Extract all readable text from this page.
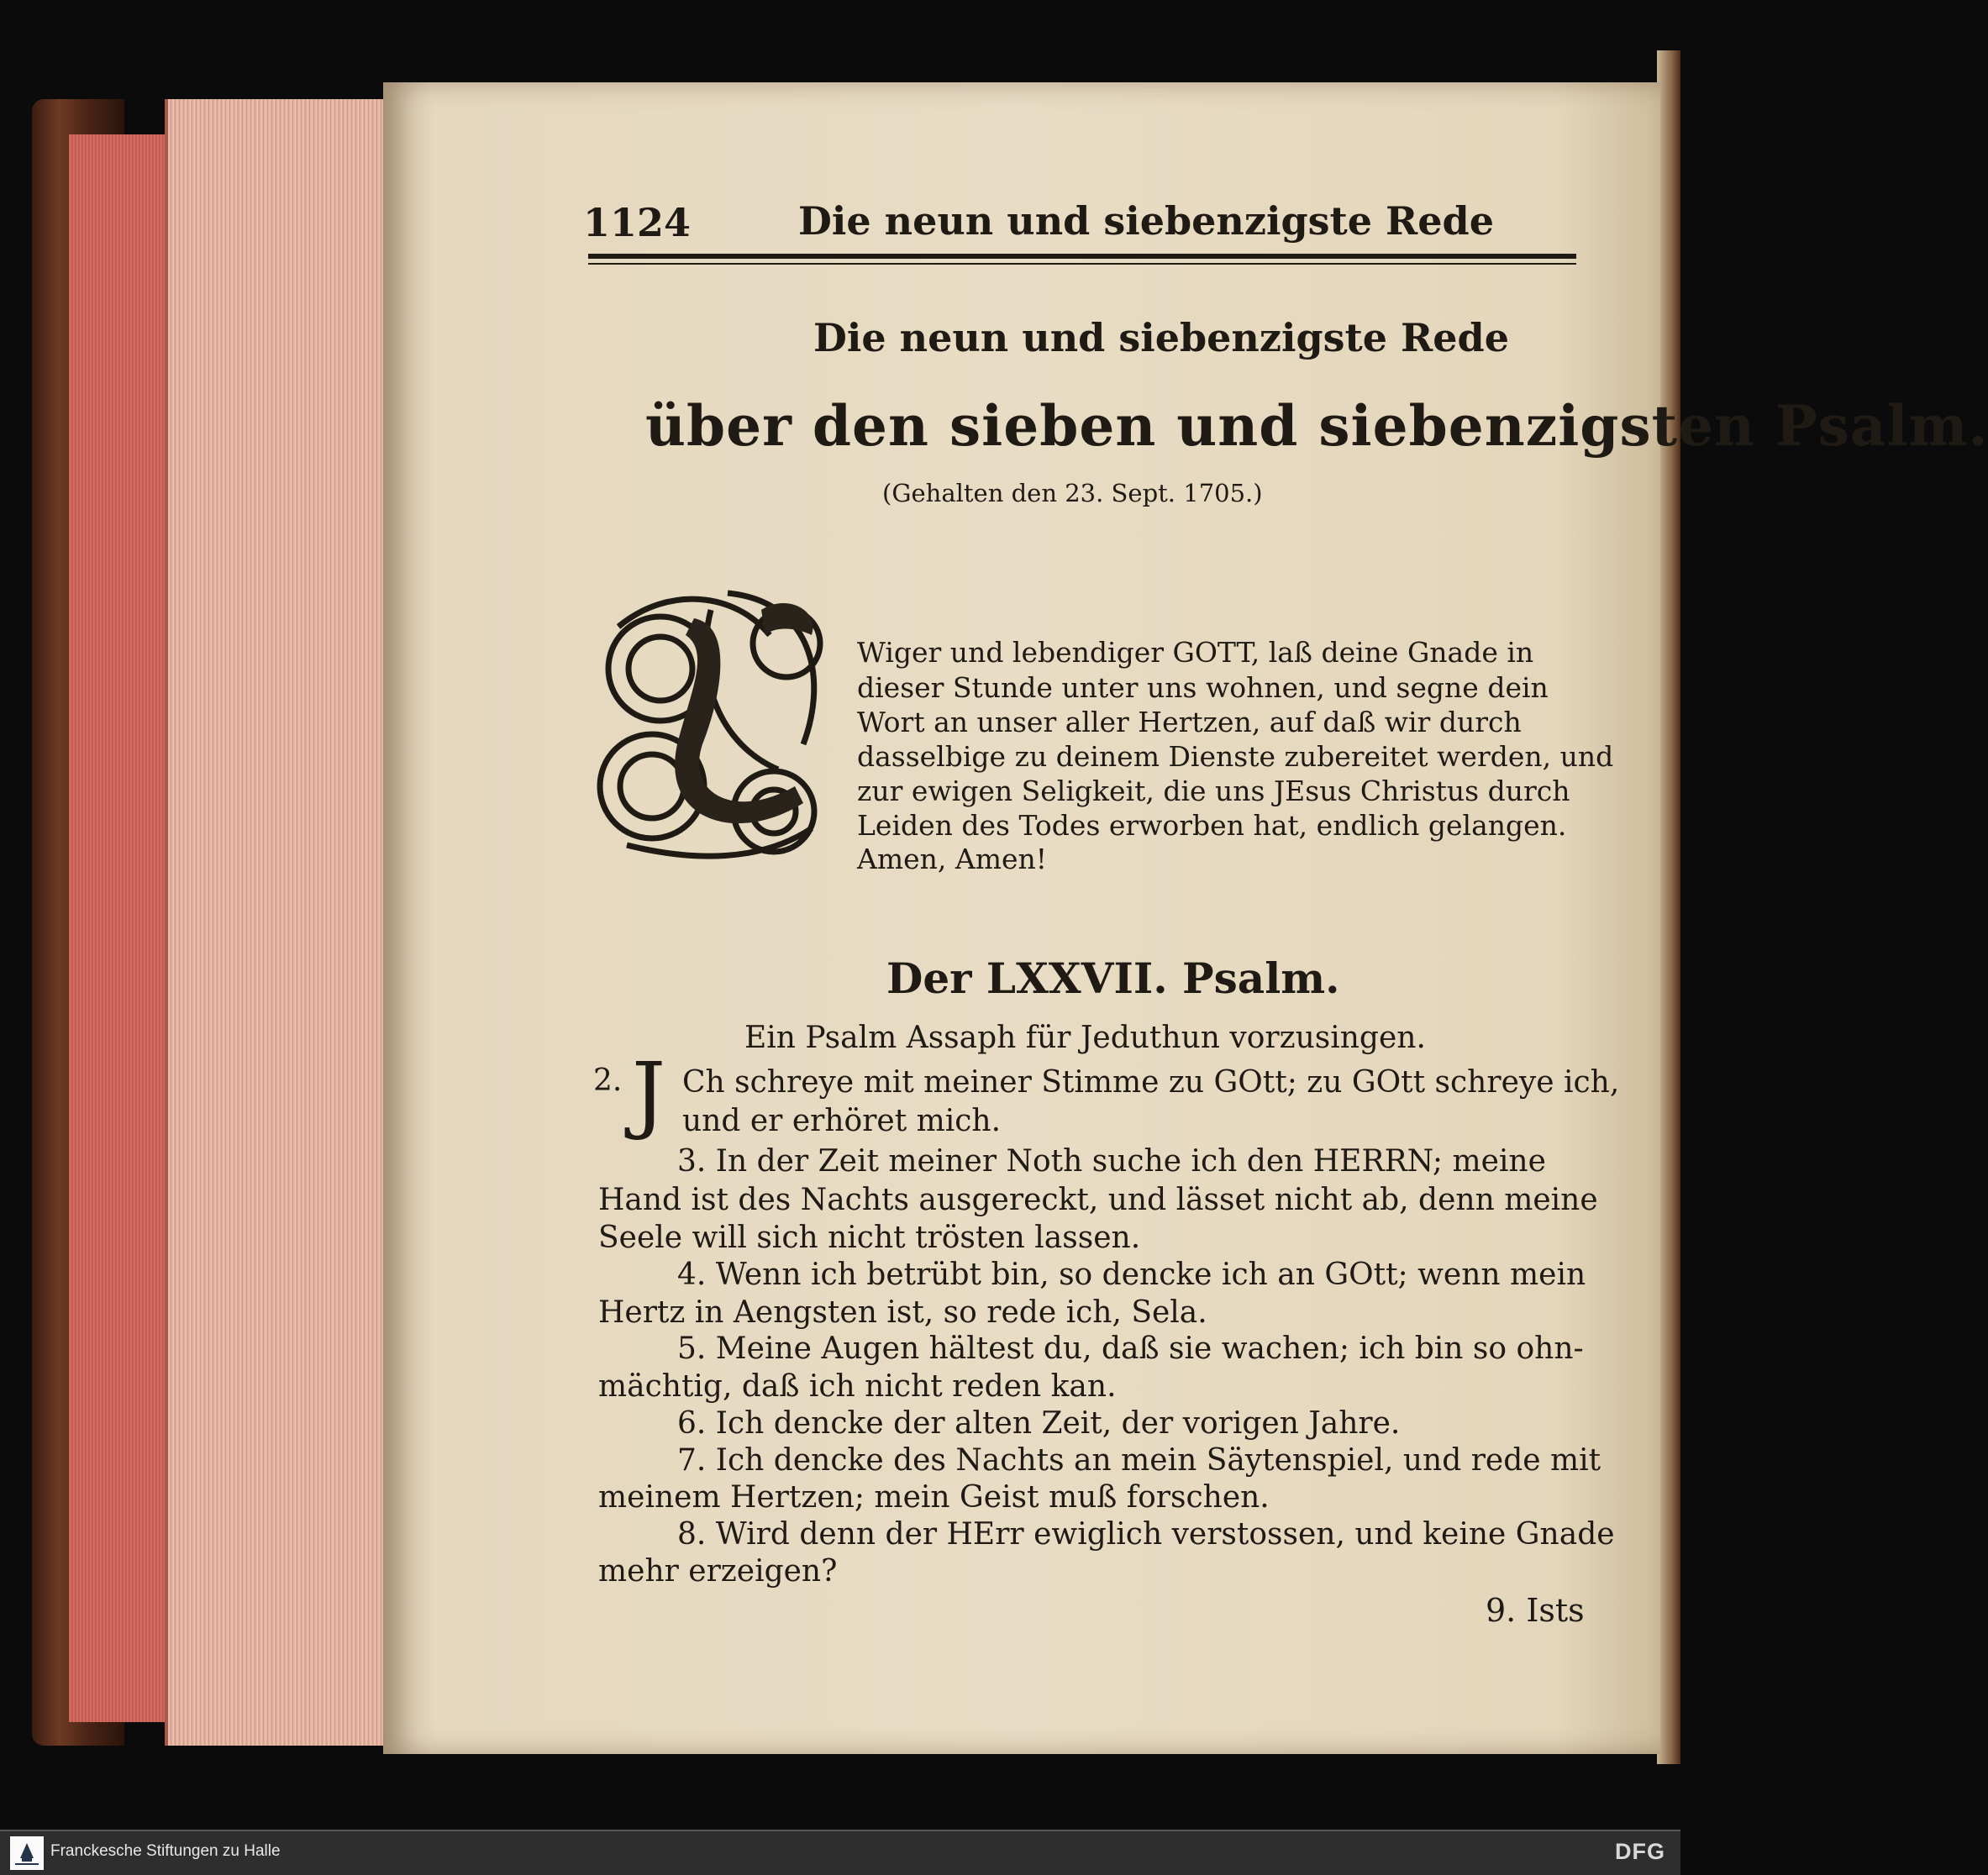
1124	Die neun und siebenzigste Rede
Die neun und siebenzigste Rede
über den sieben und siebenzigsten Psalm.
(Gehalten den 23. Sept. 1705.)
Wiger und lebendiger GOTT, laß deine Gnade in
dieser Stunde unter uns wohnen, und segne dein
Wort an unser aller Hertzen, auf daß wir durch
dasselbige zu deinem Dienste zubereitet werden, und
zur ewigen Seligkeit, die uns JEsus Christus durch
Leiden des Todes erworben hat, endlich gelangen.
Amen, Amen!
Der LXXVII. Psalm.
Ein Psalm Assaph für Jeduthun vorzusingen.
2. J Ch schreye mit meiner Stimme zu GOtt; zu GOtt schreye ich,
und er erhöret mich.
3. In der Zeit meiner Noth suche ich den HERRN; meine
Hand ist des Nachts ausgereckt, und lässet nicht ab, denn meine
Seele will sich nicht trösten lassen.
4. Wenn ich betrübt bin, so dencke ich an GOtt; wenn mein
Hertz in Aengsten ist, so rede ich, Sela.
5. Meine Augen hältest du, daß sie wachen; ich bin so ohn-
mächtig, daß ich nicht reden kan.
6. Ich dencke der alten Zeit, der vorigen Jahre.
7. Ich dencke des Nachts an mein Säytenspiel, und rede mit
meinem Hertzen; mein Geist muß forschen.
8. Wird denn der HErr ewiglich verstossen, und keine Gnade
mehr erzeigen?
9. Ists
Franckesche Stiftungen zu Halle	DFG
